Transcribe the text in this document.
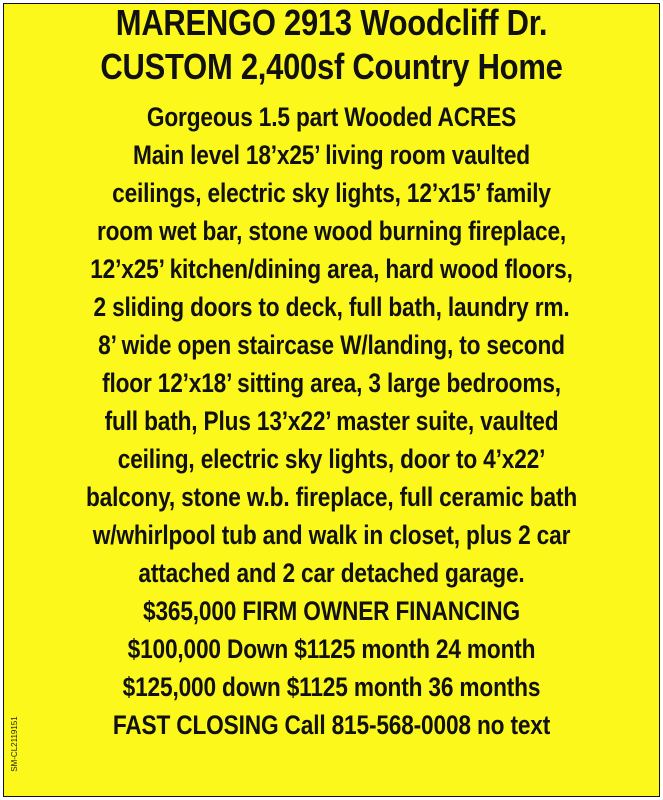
MARENGO 2913 Woodcliff Dr.
CUSTOM 2,400sf Country Home
Gorgeous 1.5 part Wooded ACRES
Main level 18’x25’ living room vaulted
ceilings, electric sky lights, 12’x15’ family
room wet bar, stone wood burning fireplace,
12’x25’ kitchen/dining area, hard wood floors,
2 sliding doors to deck, full bath, laundry rm.
8’ wide open staircase W/landing, to second
floor 12’x18’ sitting area, 3 large bedrooms,
full bath, Plus 13’x22’ master suite, vaulted
ceiling, electric sky lights, door to 4’x22’
balcony, stone w.b. fireplace, full ceramic bath
w/whirlpool tub and walk in closet, plus 2 car
attached and 2 car detached garage.
$365,000 FIRM OWNER FINANCING
$100,000 Down $1125 month 24 month
$125,000 down $1125 month 36 months
FAST CLOSING Call 815-568-0008 no text
SM-CL2119151
